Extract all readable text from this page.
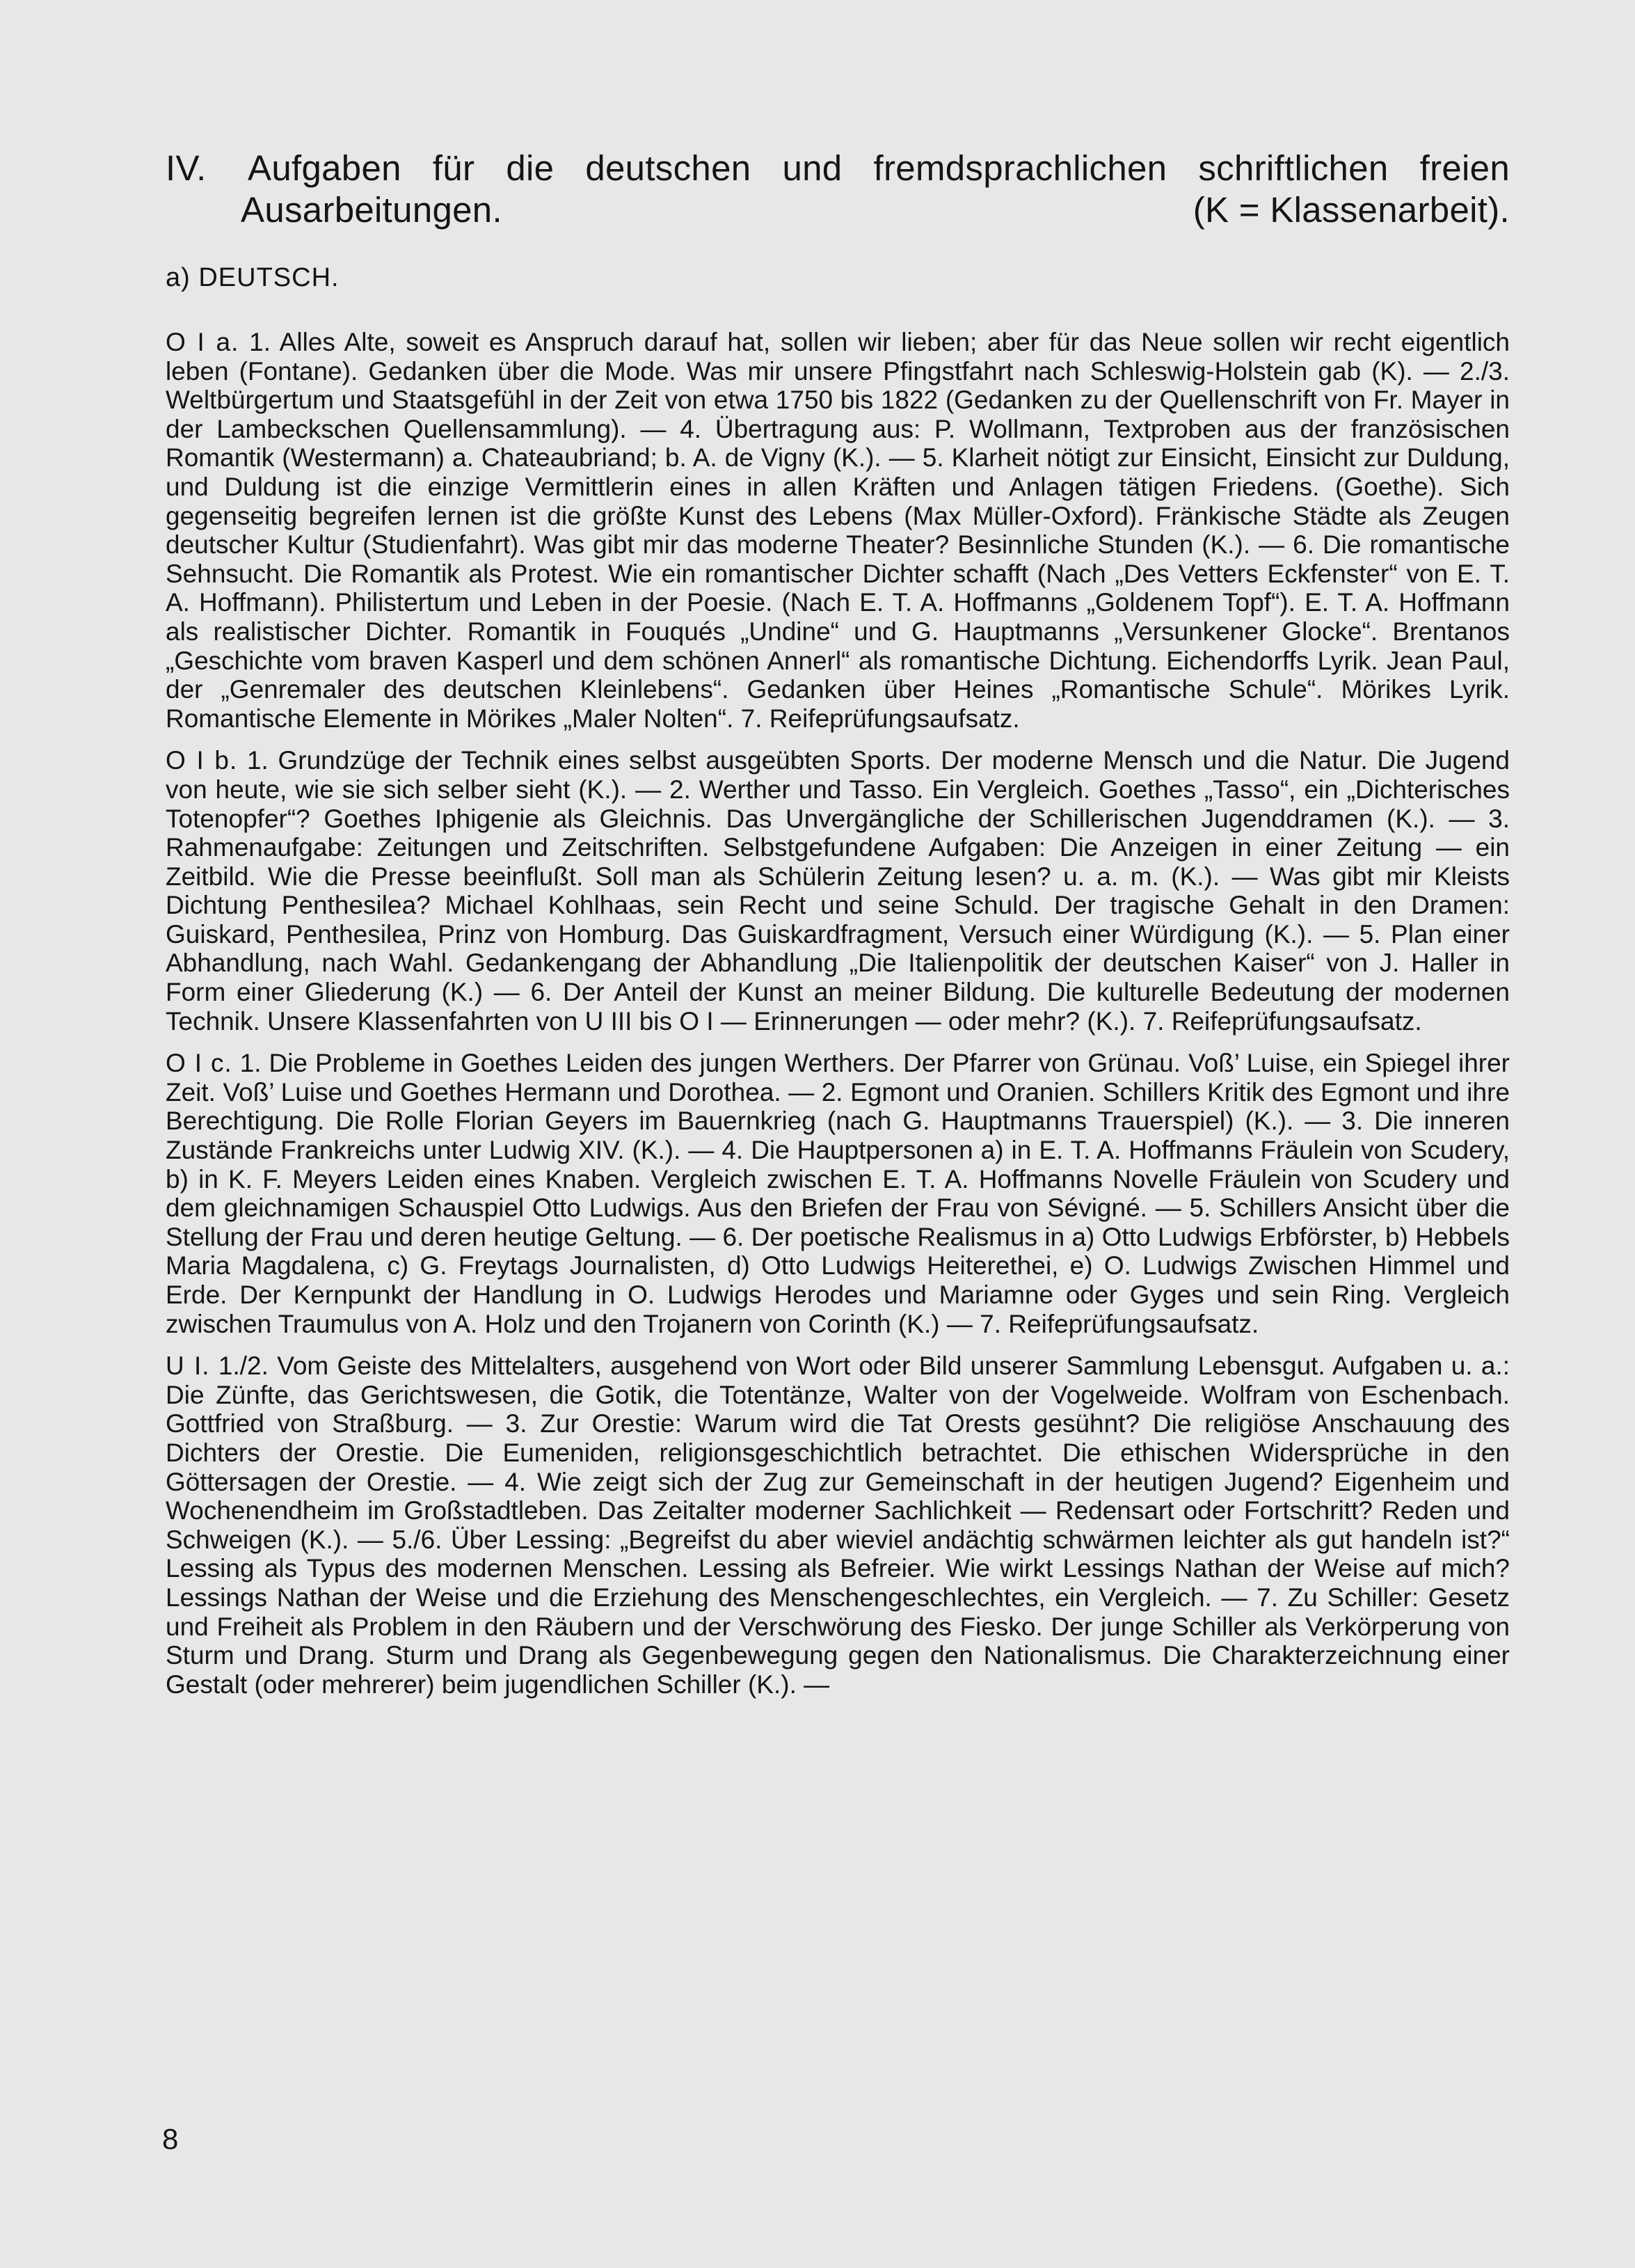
IV. Aufgaben für die deutschen und fremdsprachlichen schriftlichen freien
Ausarbeitungen.	(K = Klassenarbeit).
a) DEUTSCH.

O I a. 1. Alles Alte, soweit es Anspruch darauf hat, sollen wir lieben; aber für das Neue sollen wir recht eigentlich leben (Fontane). Gedanken über die Mode. Was mir unsere Pfingstfahrt nach Schleswig-Holstein gab (K). — 2./3. Weltbürgertum und Staatsgefühl in der Zeit von etwa 1750 bis 1822 (Gedanken zu der Quellenschrift von Fr. Mayer in der Lambeckschen Quellensammlung). — 4. Übertragung aus: P. Wollmann, Textproben aus der französischen Romantik (Westermann) a. Chateaubriand; b. A. de Vigny (K.). — 5. Klarheit nötigt zur Einsicht, Einsicht zur Duldung, und Duldung ist die einzige Vermittlerin eines in allen Kräften und Anlagen tätigen Friedens. (Goethe). Sich gegenseitig begreifen lernen ist die größte Kunst des Lebens (Max Müller-Oxford). Fränkische Städte als Zeugen deutscher Kultur (Studienfahrt). Was gibt mir das moderne Theater? Besinnliche Stunden (K.). — 6. Die romantische Sehnsucht. Die Romantik als Protest. Wie ein romantischer Dichter schafft (Nach „Des Vetters Eckfenster“ von E. T. A. Hoffmann). Philistertum und Leben in der Poesie. (Nach E. T. A. Hoffmanns „Goldenem Topf“). E. T. A. Hoffmann als realistischer Dichter. Romantik in Fouqués „Undine“ und G. Hauptmanns „Versunkener Glocke“. Brentanos „Geschichte vom braven Kasperl und dem schönen Annerl“ als romantische Dichtung. Eichendorffs Lyrik. Jean Paul, der „Genremaler des deutschen Kleinlebens“. Gedanken über Heines „Romantische Schule“. Mörikes Lyrik. Romantische Elemente in Mörikes „Maler Nolten“. 7. Reifeprüfungsaufsatz.

O I b. 1. Grundzüge der Technik eines selbst ausgeübten Sports. Der moderne Mensch und die Natur. Die Jugend von heute, wie sie sich selber sieht (K.). — 2. Werther und Tasso. Ein Vergleich. Goethes „Tasso“, ein „Dichterisches Totenopfer“? Goethes Iphigenie als Gleichnis. Das Unvergängliche der Schillerischen Jugenddramen (K.). — 3. Rahmenaufgabe: Zeitungen und Zeitschriften. Selbstgefundene Aufgaben: Die Anzeigen in einer Zeitung — ein Zeitbild. Wie die Presse beeinflußt. Soll man als Schülerin Zeitung lesen? u. a. m. (K.). — Was gibt mir Kleists Dichtung Penthesilea? Michael Kohlhaas, sein Recht und seine Schuld. Der tragische Gehalt in den Dramen: Guiskard, Penthesilea, Prinz von Homburg. Das Guiskardfragment, Versuch einer Würdigung (K.). — 5. Plan einer Abhandlung, nach Wahl. Gedankengang der Abhandlung „Die Italienpolitik der deutschen Kaiser“ von J. Haller in Form einer Gliederung (K.) — 6. Der Anteil der Kunst an meiner Bildung. Die kulturelle Bedeutung der modernen Technik. Unsere Klassenfahrten von U III bis O I — Erinnerungen — oder mehr? (K.). 7. Reifeprüfungsaufsatz.

O I c. 1. Die Probleme in Goethes Leiden des jungen Werthers. Der Pfarrer von Grünau. Voß’ Luise, ein Spiegel ihrer Zeit. Voß’ Luise und Goethes Hermann und Dorothea. — 2. Egmont und Oranien. Schillers Kritik des Egmont und ihre Berechtigung. Die Rolle Florian Geyers im Bauernkrieg (nach G. Hauptmanns Trauerspiel) (K.). — 3. Die inneren Zustände Frankreichs unter Ludwig XIV. (K.). — 4. Die Hauptpersonen a) in E. T. A. Hoffmanns Fräulein von Scudery, b) in K. F. Meyers Leiden eines Knaben. Vergleich zwischen E. T. A. Hoffmanns Novelle Fräulein von Scudery und dem gleichnamigen Schauspiel Otto Ludwigs. Aus den Briefen der Frau von Sévigné. — 5. Schillers Ansicht über die Stellung der Frau und deren heutige Geltung. — 6. Der poetische Realismus in a) Otto Ludwigs Erbförster, b) Hebbels Maria Magdalena, c) G. Freytags Journalisten, d) Otto Ludwigs Heiterethei, e) O. Ludwigs Zwischen Himmel und Erde. Der Kernpunkt der Handlung in O. Ludwigs Herodes und Mariamne oder Gyges und sein Ring. Vergleich zwischen Traumulus von A. Holz und den Trojanern von Corinth (K.) — 7. Reifeprüfungsaufsatz.

U I. 1./2. Vom Geiste des Mittelalters, ausgehend von Wort oder Bild unserer Sammlung Lebensgut. Aufgaben u. a.: Die Zünfte, das Gerichtswesen, die Gotik, die Totentänze, Walter von der Vogelweide. Wolfram von Eschenbach. Gottfried von Straßburg. — 3. Zur Orestie: Warum wird die Tat Orests gesühnt? Die religiöse Anschauung des Dichters der Orestie. Die Eumeniden, religionsgeschichtlich betrachtet. Die ethischen Widersprüche in den Göttersagen der Orestie. — 4. Wie zeigt sich der Zug zur Gemeinschaft in der heutigen Jugend? Eigenheim und Wochenendheim im Großstadtleben. Das Zeitalter moderner Sachlichkeit — Redensart oder Fortschritt? Reden und Schweigen (K.). — 5./6. Über Lessing: „Begreifst du aber wieviel andächtig schwärmen leichter als gut handeln ist?“ Lessing als Typus des modernen Menschen. Lessing als Befreier. Wie wirkt Lessings Nathan der Weise auf mich? Lessings Nathan der Weise und die Erziehung des Menschengeschlechtes, ein Vergleich. — 7. Zu Schiller: Gesetz und Freiheit als Problem in den Räubern und der Verschwörung des Fiesko. Der junge Schiller als Verkörperung von Sturm und Drang. Sturm und Drang als Gegenbewegung gegen den Nationalismus. Die Charakterzeichnung einer Gestalt (oder mehrerer) beim jugendlichen Schiller (K.). —

8
